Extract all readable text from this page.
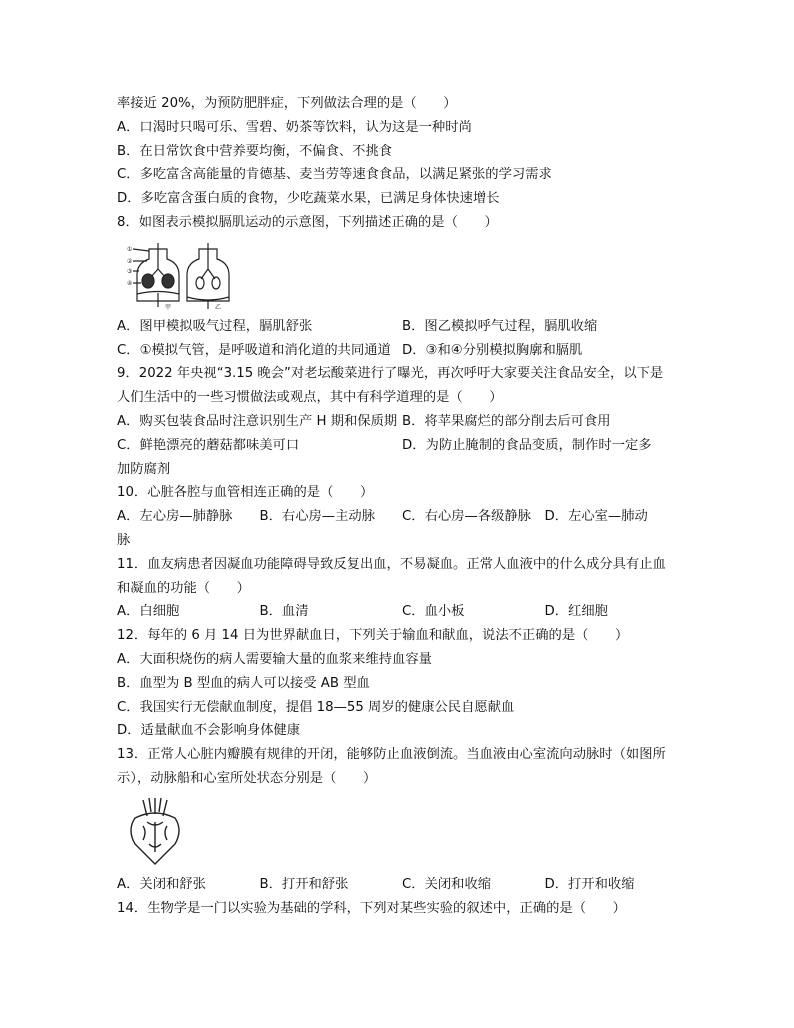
率接近 20%，为预防肥胖症，下列做法合理的是（　　）
A．口渴时只喝可乐、雪碧、奶茶等饮料，认为这是一种时尚
B．在日常饮食中营养要均衡，不偏食、不挑食
C．多吃富含高能量的肯德基、麦当劳等速食食品，以满足紧张的学习需求
D．多吃富含蛋白质的食物，少吃蔬菜水果，已满足身体快速增长
8．如图表示模拟膈肌运动的示意图，下列描述正确的是（　　）
①
②
③
④
甲	乙
A．图甲模拟吸气过程，膈肌舒张	B．图乙模拟呼气过程，膈肌收缩
C．①模拟气管，是呼吸道和消化道的共同通道 D．③和④分别模拟胸廓和膈肌
9．2022 年央视“3.15 晚会”对老坛酸菜进行了曝光，再次呼吁大家要关注食品安全，以下是
人们生活中的一些习惯做法或观点，其中有科学道理的是（　　）
A．购买包装食品时注意识别生产 H 期和保质期 B．将苹果腐烂的部分削去后可食用
C．鲜艳漂亮的蘑菇都味美可口	D．为防止腌制的食品变质，制作时一定多
加防腐剂
10．心脏各腔与血管相连正确的是（　　）
A．左心房—肺静脉	B．右心房—主动脉	C．右心房—各级静脉	D．左心室—肺动
脉
11．血友病患者因凝血功能障碍导致反复出血，不易凝血。正常人血液中的什么成分具有止血
和凝血的功能（　　）
A．白细胞	B．血清	C．血小板	D．红细胞
12．每年的 6 月 14 日为世界献血日，下列关于输血和献血，说法不正确的是（　　）
A．大面积烧伤的病人需要输大量的血浆来维持血容量
B．血型为 B 型血的病人可以接受 AB 型血
C．我国实行无偿献血制度，提倡 18—55 周岁的健康公民自愿献血
D．适量献血不会影响身体健康
13．正常人心脏内瓣膜有规律的开闭，能够防止血液倒流。当血液由心室流向动脉时（如图所
示），动脉船和心室所处状态分别是（　　）
A．关闭和舒张	B．打开和舒张	C．关闭和收缩	D．打开和收缩
14．生物学是一门以实验为基础的学科，下列对某些实验的叙述中，正确的是（　　）
